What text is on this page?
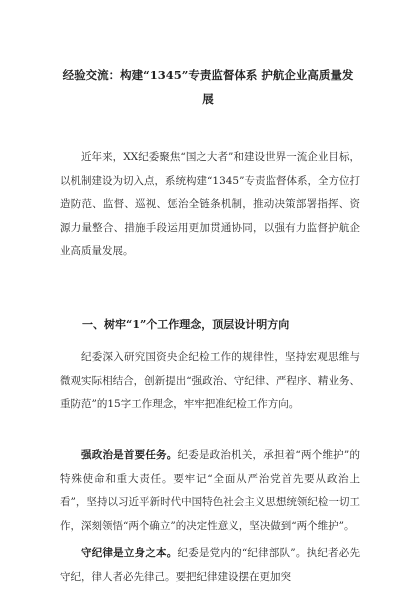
经验交流：构建“1345”专责监督体系 护航企业高质量发展
近年来，XX纪委聚焦“国之大者”和建设世界一流企业目标，以机制建设为切入点，系统构建“1345”专责监督体系，全方位打造防范、监督、巡视、惩治全链条机制，推动决策部署指挥、资源力量整合、措施手段运用更加贯通协同，以强有力监督护航企业高质量发展。
一、树牢“1”个工作理念，顶层设计明方向
纪委深入研究国资央企纪检工作的规律性，坚持宏观思维与微观实际相结合，创新提出“强政治、守纪律、严程序、精业务、重防范”的15字工作理念，牢牢把准纪检工作方向。
强政治是首要任务。纪委是政治机关，承担着“两个维护”的特殊使命和重大责任。要牢记“全面从严治党首先要从政治上看”，坚持以习近平新时代中国特色社会主义思想统领纪检一切工作，深刻领悟“两个确立”的决定性意义，坚决做到“两个维护”。
守纪律是立身之本。纪委是党内的“纪律部队”。执纪者必先守纪，律人者必先律己。要把纪律建设摆在更加突
